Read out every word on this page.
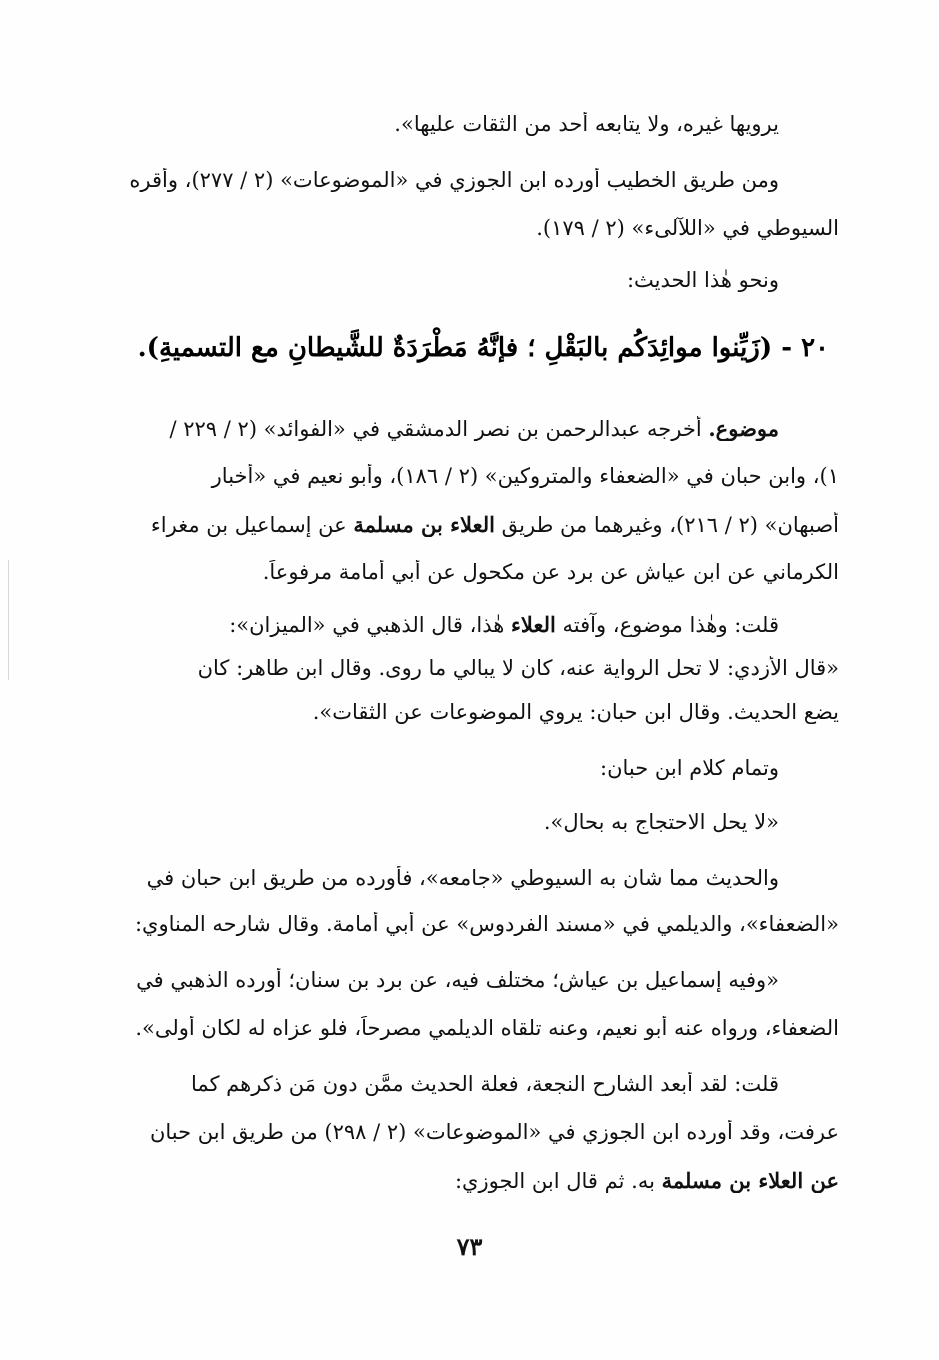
يرويها غيره، ولا يتابعه أحد من الثقات عليها».
ومن طريق الخطيب أورده ابن الجوزي في «الموضوعات» (٢ / ٢٧٧)، وأقره
السيوطي في «اللآلىء» (٢ / ١٧٩).
ونحو هٰذا الحديث:
٢٠ - (زَيِّنوا موائِدَكُم بالبَقْلِ ؛ فإنَّهُ مَطْرَدَةٌ للشَّيطانِ مع التسميةِ).
موضوع. أخرجه عبدالرحمن بن نصر الدمشقي في «الفوائد» (٢ / ٢٢٩ /
١)، وابن حبان في «الضعفاء والمتروكين» (٢ / ١٨٦)، وأبو نعيم في «أخبار
أصبهان» (٢ / ٢١٦)، وغيرهما من طريق العلاء بن مسلمة عن إسماعيل بن مغراء
الكرماني عن ابن عياش عن برد عن مكحول عن أبي أمامة مرفوعاً.
قلت: وهٰذا موضوع، وآفته العلاء هٰذا، قال الذهبي في «الميزان»:
«قال الأزدي: لا تحل الرواية عنه، كان لا يبالي ما روى. وقال ابن طاهر: كان
يضع الحديث. وقال ابن حبان: يروي الموضوعات عن الثقات».
وتمام كلام ابن حبان:
«لا يحل الاحتجاج به بحال».
والحديث مما شان به السيوطي «جامعه»، فأورده من طريق ابن حبان في
«الضعفاء»، والديلمي في «مسند الفردوس» عن أبي أمامة. وقال شارحه المناوي:
«وفيه إسماعيل بن عياش؛ مختلف فيه، عن برد بن سنان؛ أورده الذهبي في
الضعفاء، ورواه عنه أبو نعيم، وعنه تلقاه الديلمي مصرحاً، فلو عزاه له لكان أولى».
قلت: لقد أبعد الشارح النجعة، فعلة الحديث ممَّن دون مَن ذكرهم كما
عرفت، وقد أورده ابن الجوزي في «الموضوعات» (٢ / ٢٩٨) من طريق ابن حبان
عن العلاء بن مسلمة به. ثم قال ابن الجوزي:
٧٣
